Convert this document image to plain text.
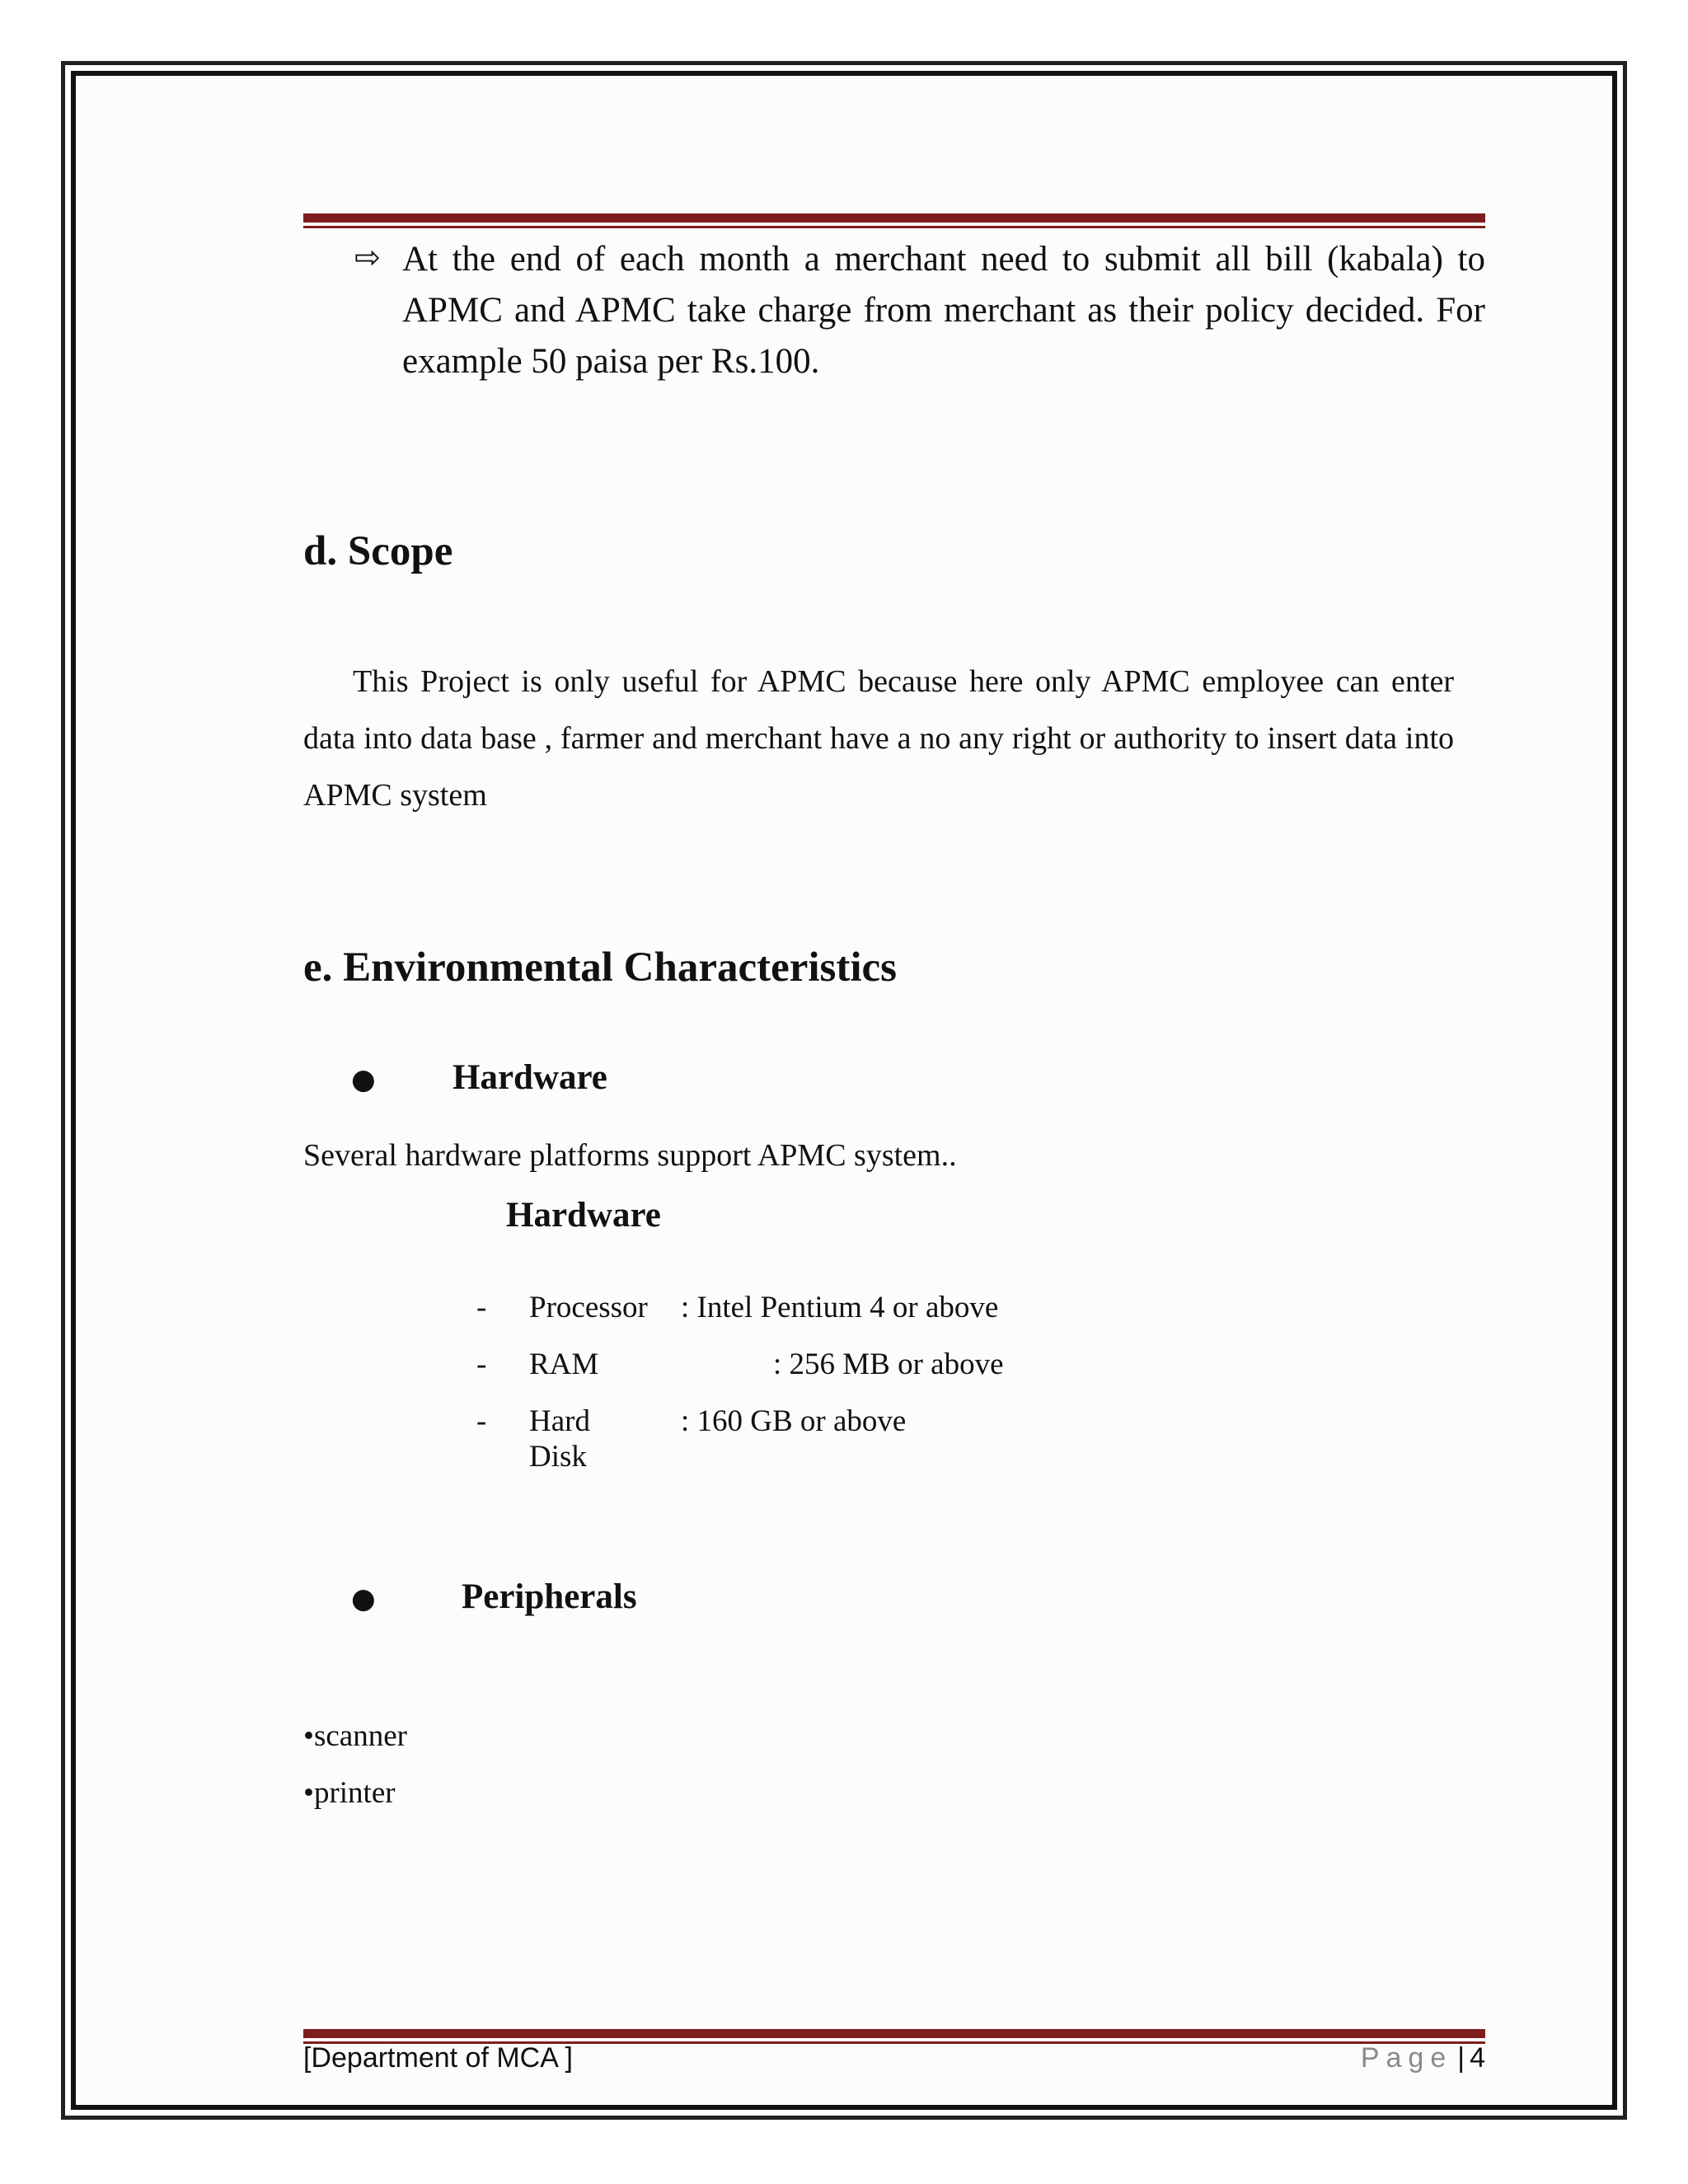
⇨ At the end of each month a merchant need to submit all bill (kabala) to APMC and APMC take charge from merchant as their policy decided. For example 50 paisa per Rs.100.
d. Scope
This Project is only useful for APMC because here only APMC employee can enter data into data base , farmer and merchant have a no any right or authority to insert data into APMC system
e. Environmental Characteristics
● Hardware
Several hardware platforms support APMC system..
Hardware
- Processor : Intel Pentium 4 or above
- RAM	: 256 MB or above
- Hard Disk
: 160 GB or above
● Peripherals
•scanner
•printer
[Department of MCA ]	Page | 4
